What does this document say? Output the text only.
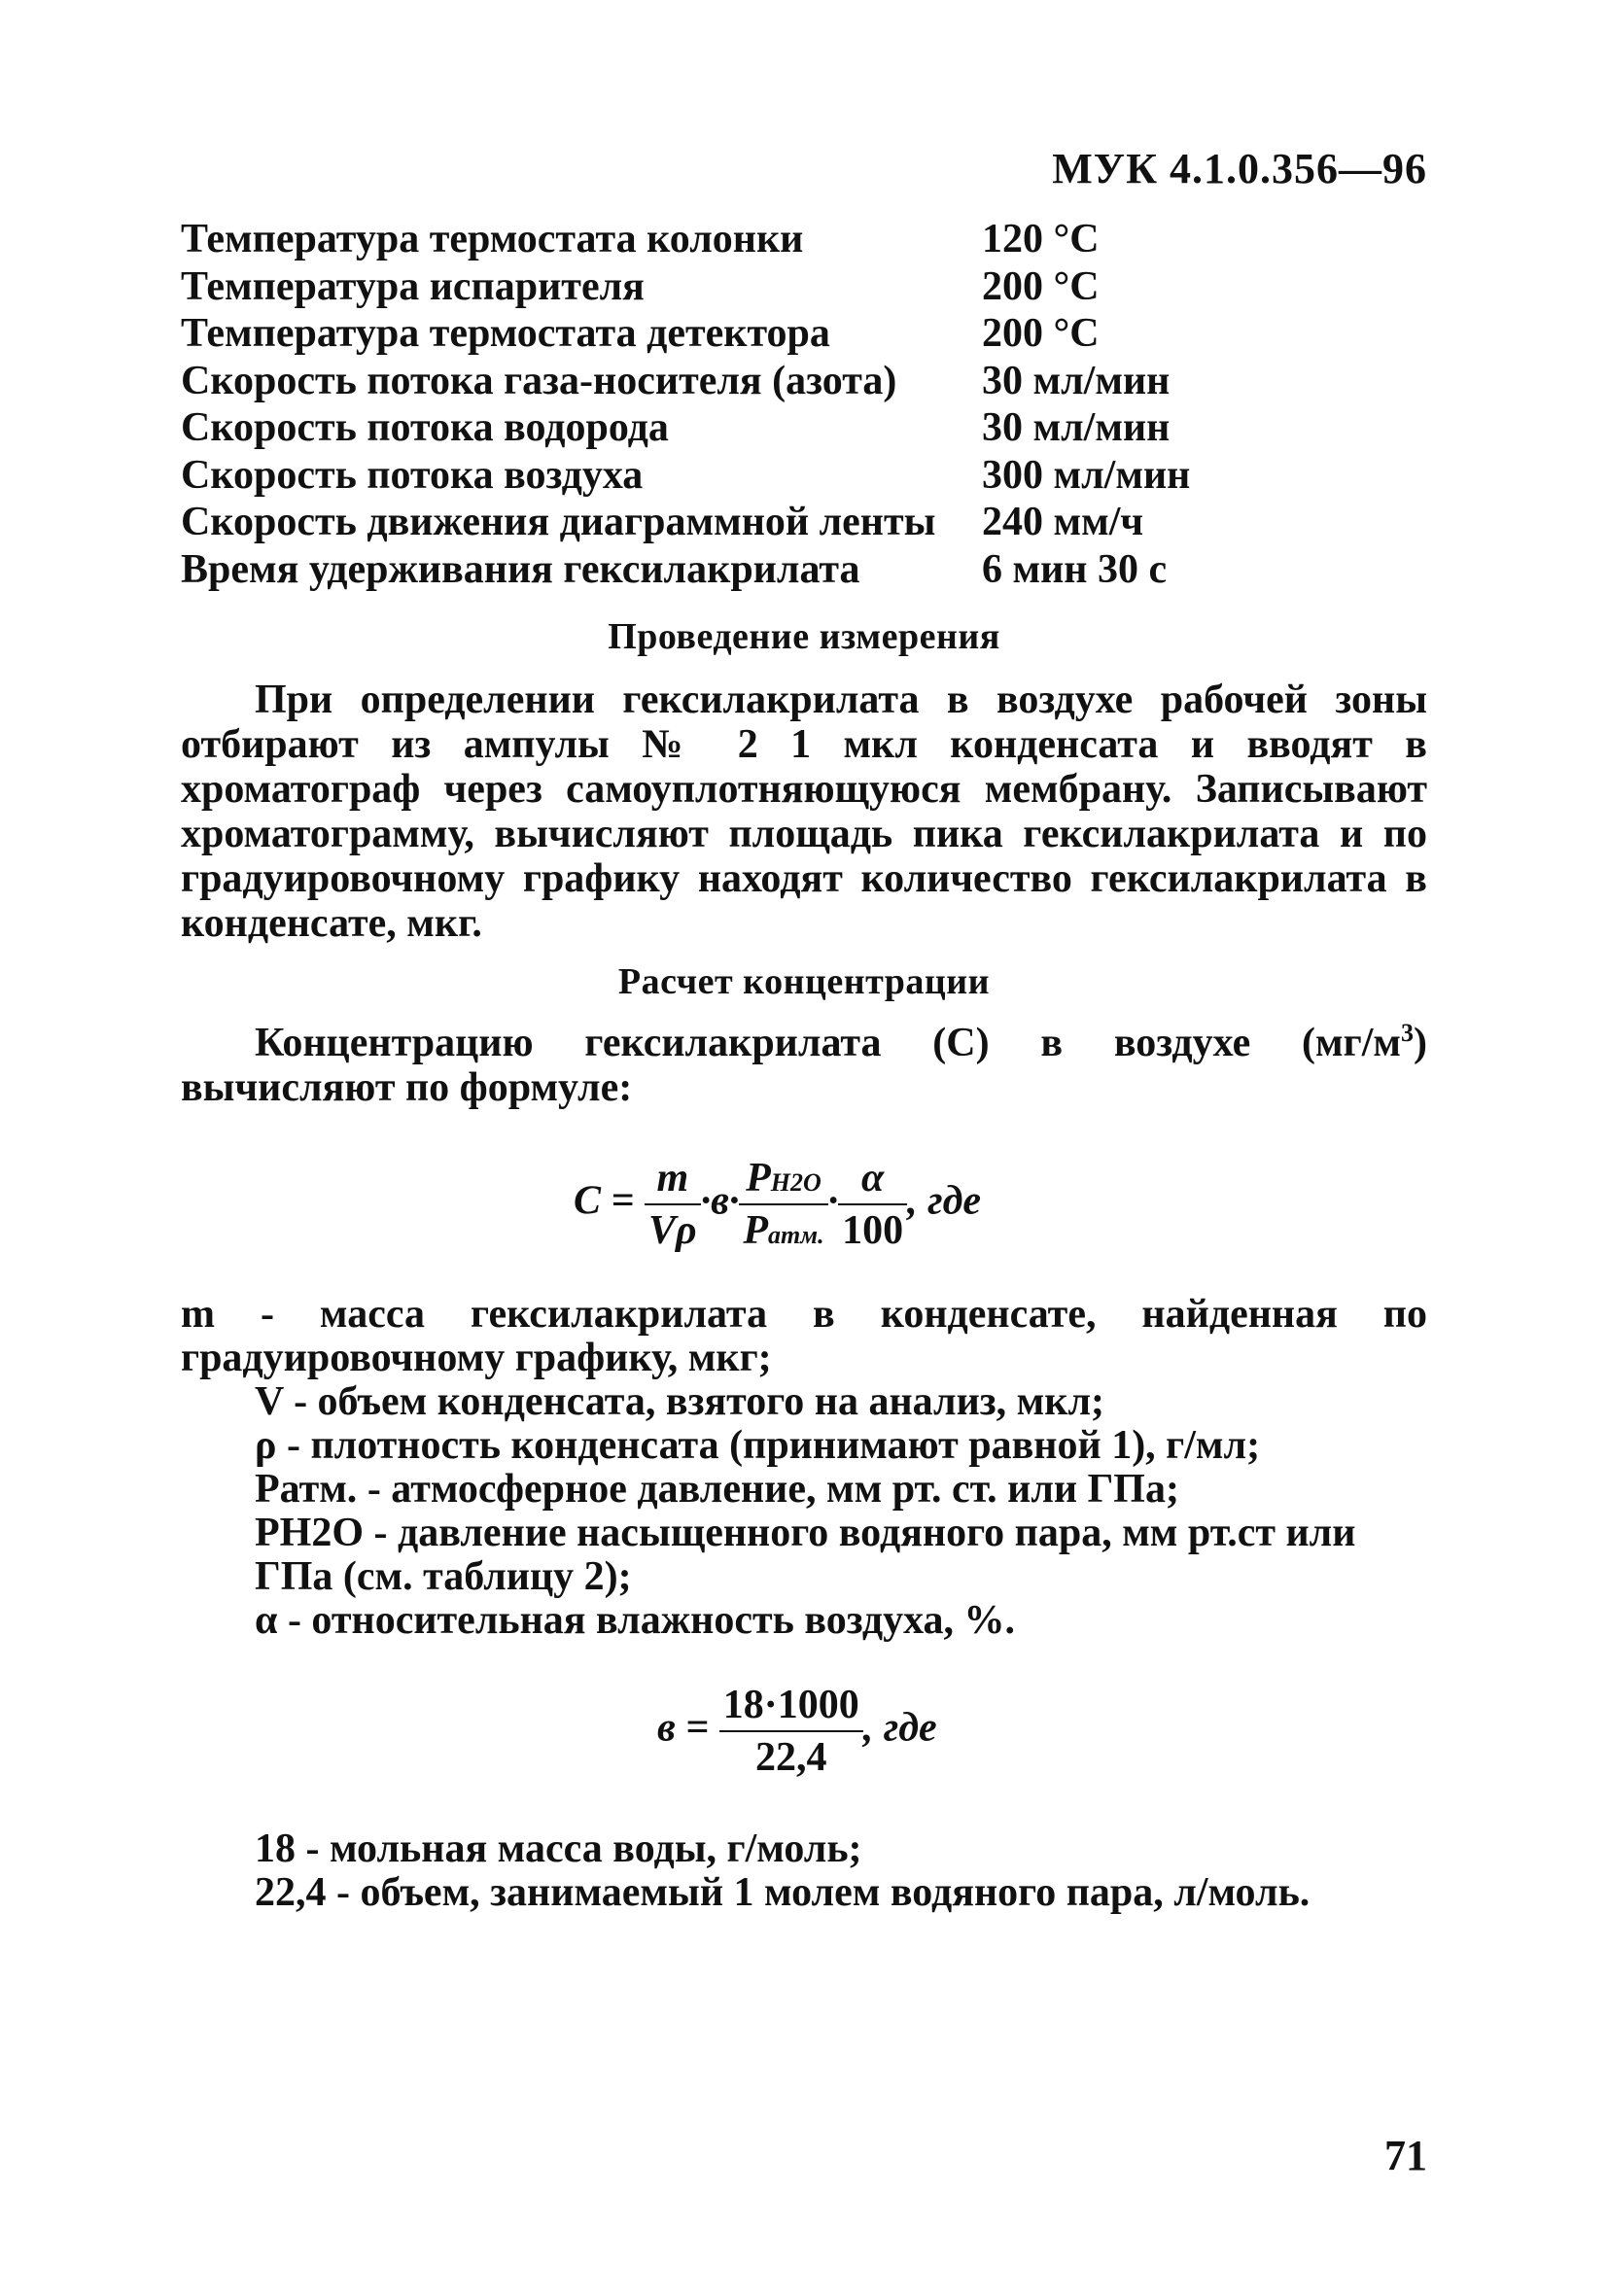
МУК 4.1.0.356—96
Температура термостата колонки	120 °C
Температура испарителя	200 °C
Температура термостата детектора	200 °C
Скорость потока газа-носителя (азота)	30 мл/мин
Скорость потока водорода	30 мл/мин
Скорость потока воздуха	300 мл/мин
Скорость движения диаграммной ленты	240 мм/ч
Время удерживания гексилакрилата	6 мин 30 с
Проведение измерения
При определении гексилакрилата в воздухе рабочей зоны отбирают из ампулы № 2 1 мкл конденсата и вводят в хроматограф через самоуплотняющуюся мембрану. Записывают хроматограмму, вычисляют площадь пика гексилакрилата и по градуировочному графику находят количество гексилакрилата в конденсате, мкг.
Расчет концентрации
Концентрацию гексилакрилата (C) в воздухе $(мг/м^3)$ вычисляют по формуле:
$C = \frac{m}{V\rho} \cdot в\cdot \frac{PH2O}{\text{Pатм.}} \cdot \frac{\alpha}{100}$ , где
m - масса гексилакрилата в конденсате, найденная по градуировочному графику, мкг;
V - объем конденсата, взятого на анализ, мкл;
ρ - плотность конденсата (принимают равной 1), г/мл;
Pатм. - атмосферное давление, мм рт. ст. или ГПа;
PH2O - давление насыщенного водяного пара, мм рт.ст или ГПа (см. таблицу 2);
α - относительная влажность воздуха, %.
$в = \frac{18\cdot 1000}{22,4}$ , где
18 - мольная масса воды, г/моль;
22,4 - объем, занимаемый 1 молем водяного пара, л/моль.
71
